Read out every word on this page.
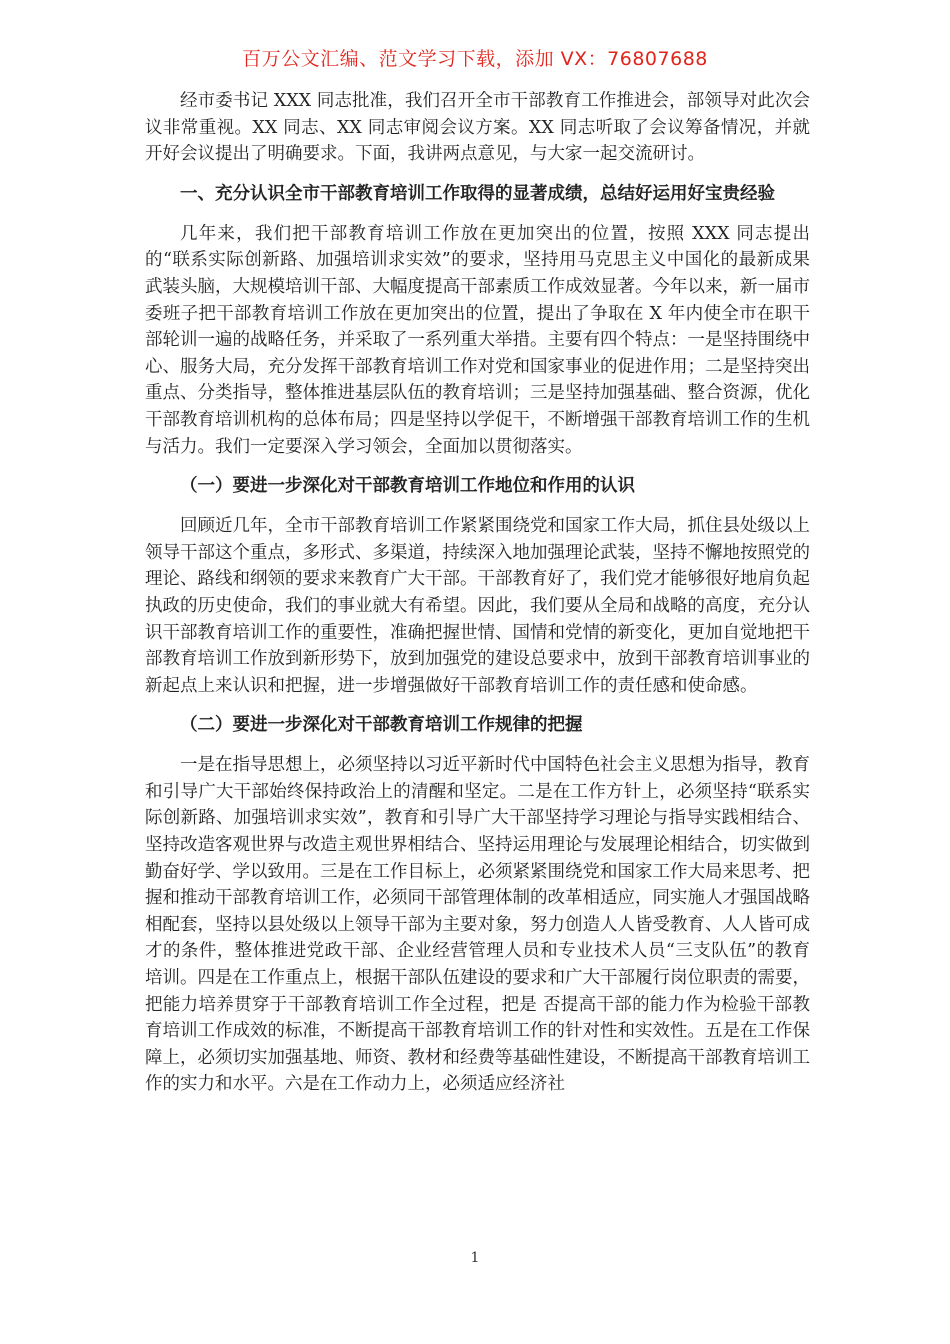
百万公文汇编、范文学习下载，添加 VX：76807688

经市委书记 XXX 同志批准，我们召开全市干部教育工作推进会，部领导对此次会议非常重视。XX 同志、XX 同志审阅会议方案。XX 同志听取了会议筹备情况，并就开好会议提出了明确要求。下面，我讲两点意见，与大家一起交流研讨。

一、充分认识全市干部教育培训工作取得的显著成绩，总结好运用好宝贵经验

几年来，我们把干部教育培训工作放在更加突出的位置，按照 XXX 同志提出的“联系实际创新路、加强培训求实效”的要求，坚持用马克思主义中国化的最新成果武装头脑，大规模培训干部、大幅度提高干部素质工作成效显著。今年以来，新一届市委班子把干部教育培训工作放在更加突出的位置，提出了争取在 X 年内使全市在职干部轮训一遍的战略任务，并采取了一系列重大举措。主要有四个特点：一是坚持围绕中心、服务大局，充分发挥干部教育培训工作对党和国家事业的促进作用；二是坚持突出重点、分类指导，整体推进基层队伍的教育培训；三是坚持加强基础、整合资源，优化干部教育培训机构的总体布局；四是坚持以学促干，不断增强干部教育培训工作的生机与活力。我们一定要深入学习领会，全面加以贯彻落实。

（一）要进一步深化对干部教育培训工作地位和作用的认识

回顾近几年，全市干部教育培训工作紧紧围绕党和国家工作大局，抓住县处级以上领导干部这个重点，多形式、多渠道，持续深入地加强理论武装，坚持不懈地按照党的理论、路线和纲领的要求来教育广大干部。干部教育好了，我们党才能够很好地肩负起执政的历史使命，我们的事业就大有希望。因此，我们要从全局和战略的高度，充分认识干部教育培训工作的重要性，准确把握世情、国情和党情的新变化，更加自觉地把干部教育培训工作放到新形势下，放到加强党的建设总要求中，放到干部教育培训事业的新起点上来认识和把握，进一步增强做好干部教育培训工作的责任感和使命感。

（二）要进一步深化对干部教育培训工作规律的把握

一是在指导思想上，必须坚持以习近平新时代中国特色社会主义思想为指导，教育和引导广大干部始终保持政治上的清醒和坚定。二是在工作方针上，必须坚持“联系实际创新路、加强培训求实效”，教育和引导广大干部坚持学习理论与指导实践相结合、坚持改造客观世界与改造主观世界相结合、坚持运用理论与发展理论相结合，切实做到勤奋好学、学以致用。三是在工作目标上，必须紧紧围绕党和国家工作大局来思考、把握和推动干部教育培训工作，必须同干部管理体制的改革相适应，同实施人才强国战略相配套，坚持以县处级以上领导干部为主要对象，努力创造人人皆受教育、人人皆可成才的条件，整体推进党政干部、企业经营管理人员和专业技术人员“三支队伍”的教育培训。四是在工作重点上，根据干部队伍建设的要求和广大干部履行岗位职责的需要，把能力培养贯穿于干部教育培训工作全过程，把是 否提高干部的能力作为检验干部教育培训工作成效的标准，不断提高干部教育培训工作的针对性和实效性。五是在工作保障上，必须切实加强基地、师资、教材和经费等基础性建设，不断提高干部教育培训工作的实力和水平。六是在工作动力上，必须适应经济社

1
